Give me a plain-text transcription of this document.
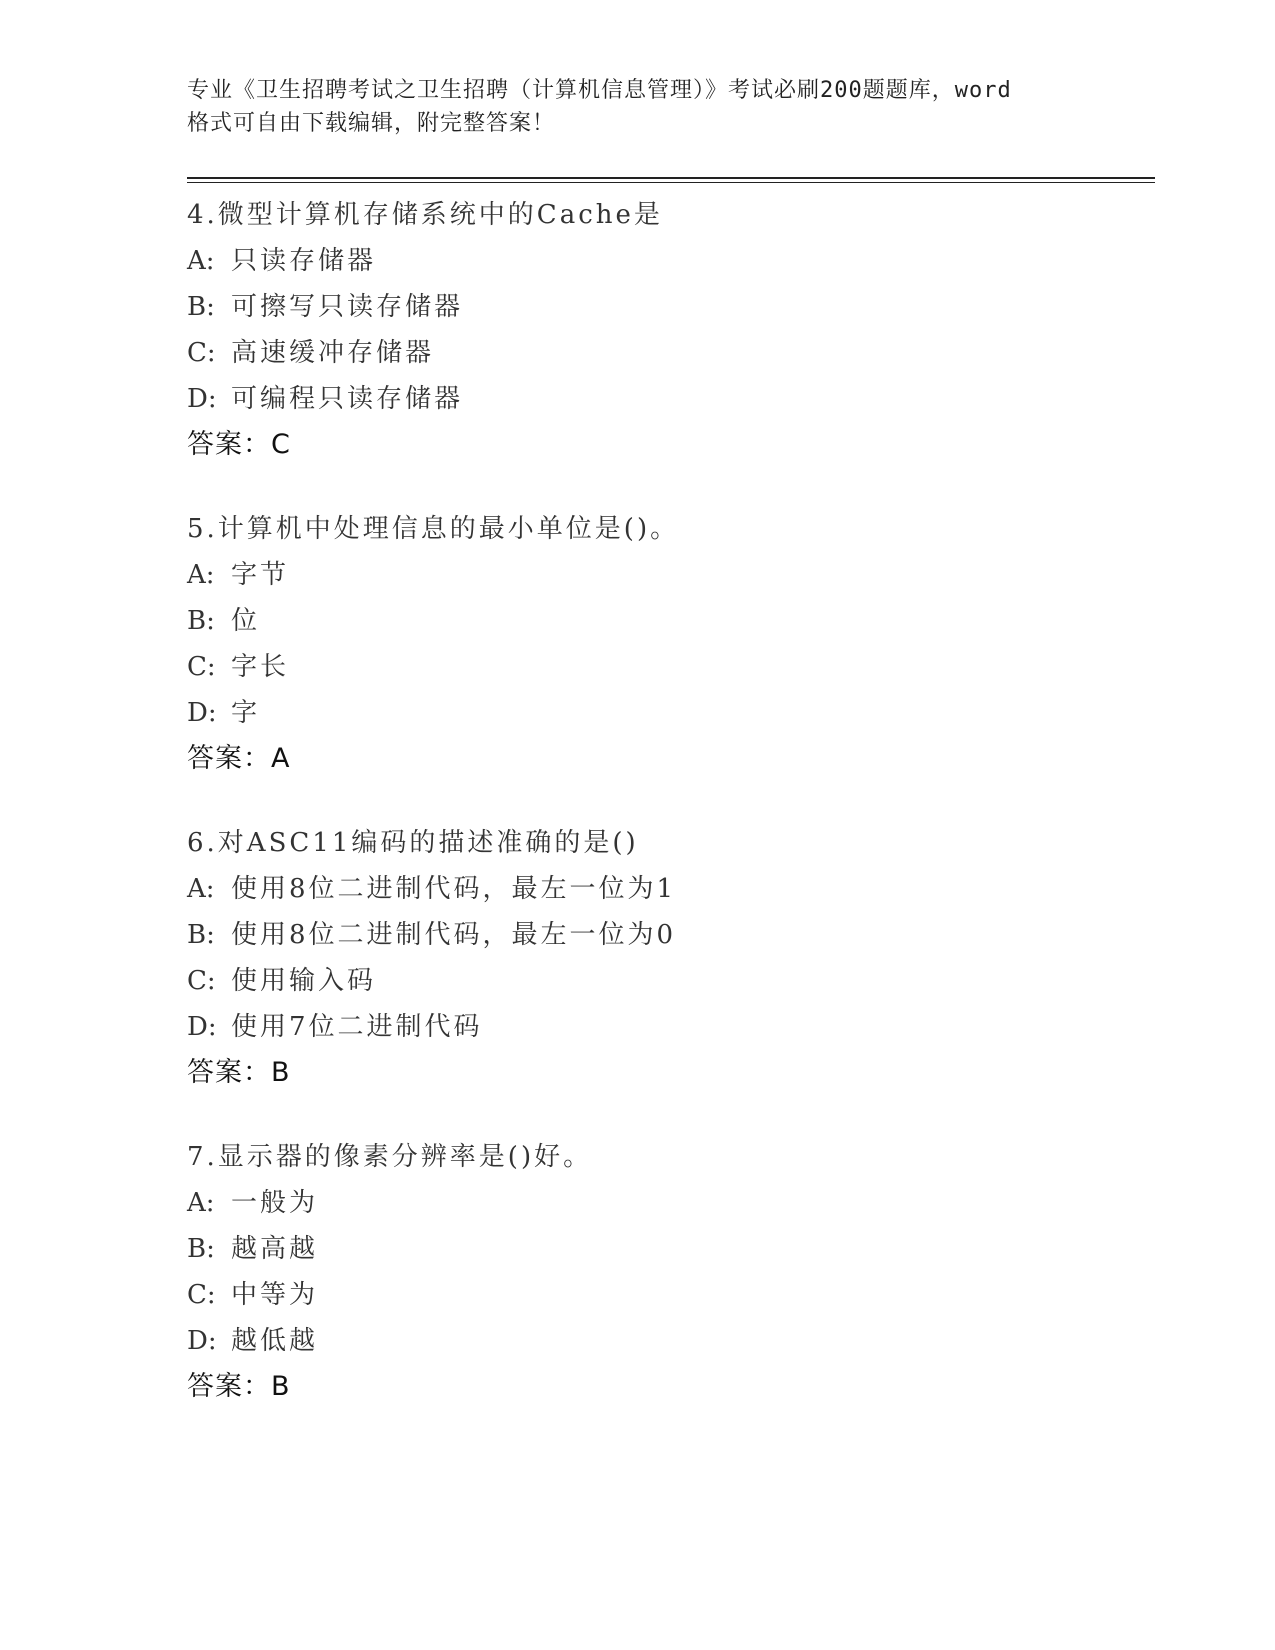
专业《卫生招聘考试之卫生招聘（计算机信息管理）》考试必刷200题题库，word
格式可自由下载编辑，附完整答案！
4.微型计算机存储系统中的Cache是
A: 只读存储器
B: 可擦写只读存储器
C: 高速缓冲存储器
D: 可编程只读存储器
答案：C
5.计算机中处理信息的最小单位是()。
A: 字节
B: 位
C: 字长
D: 字
答案：A
6.对ASC11编码的描述准确的是()
A: 使用8位二进制代码，最左一位为1
B: 使用8位二进制代码，最左一位为0
C: 使用输入码
D: 使用7位二进制代码
答案：B
7.显示器的像素分辨率是()好。
A: 一般为
B: 越高越
C: 中等为
D: 越低越
答案：B
